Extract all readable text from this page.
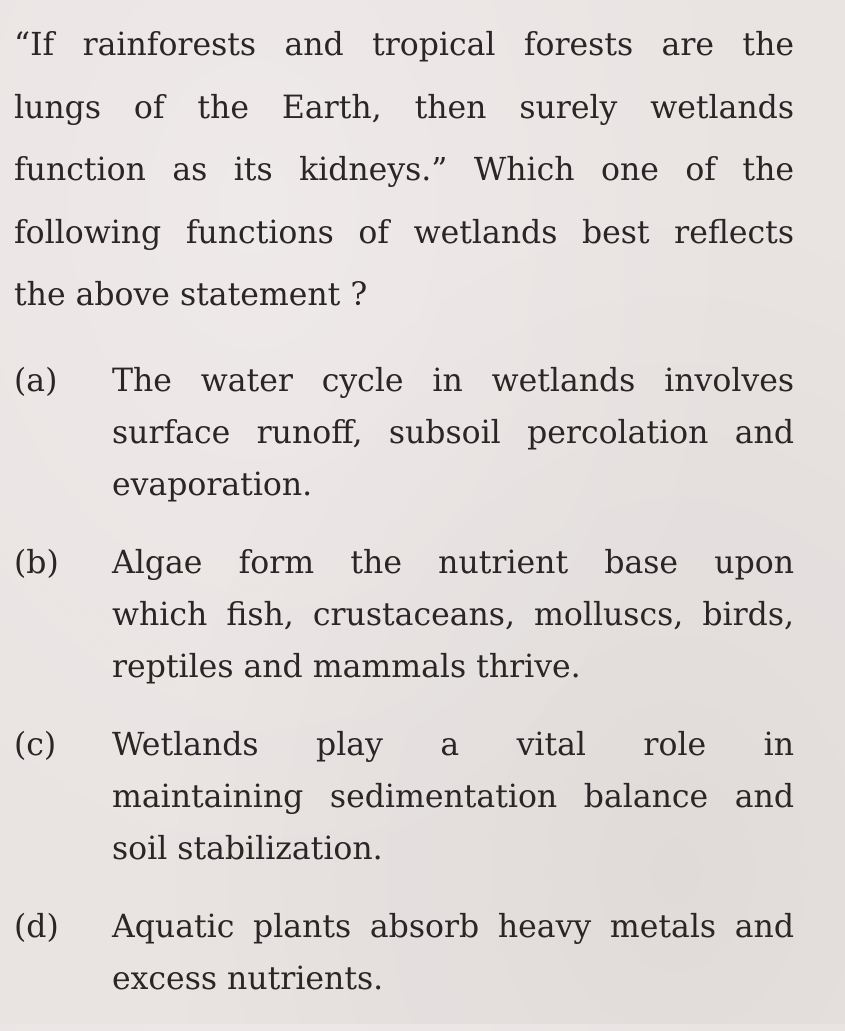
“If rainforests and tropical forests are the
lungs of the Earth, then surely wetlands
function as its kidneys.” Which one of the
following functions of wetlands best reflects
the above statement ?

(a)	The water cycle in wetlands involves
surface runoff, subsoil percolation and
evaporation.
(b)	Algae form the nutrient base upon
which fish, crustaceans, molluscs, birds,
reptiles and mammals thrive.
(c)	Wetlands play a vital role in
maintaining sedimentation balance and
soil stabilization.
(d)	Aquatic plants absorb heavy metals and
excess nutrients.
